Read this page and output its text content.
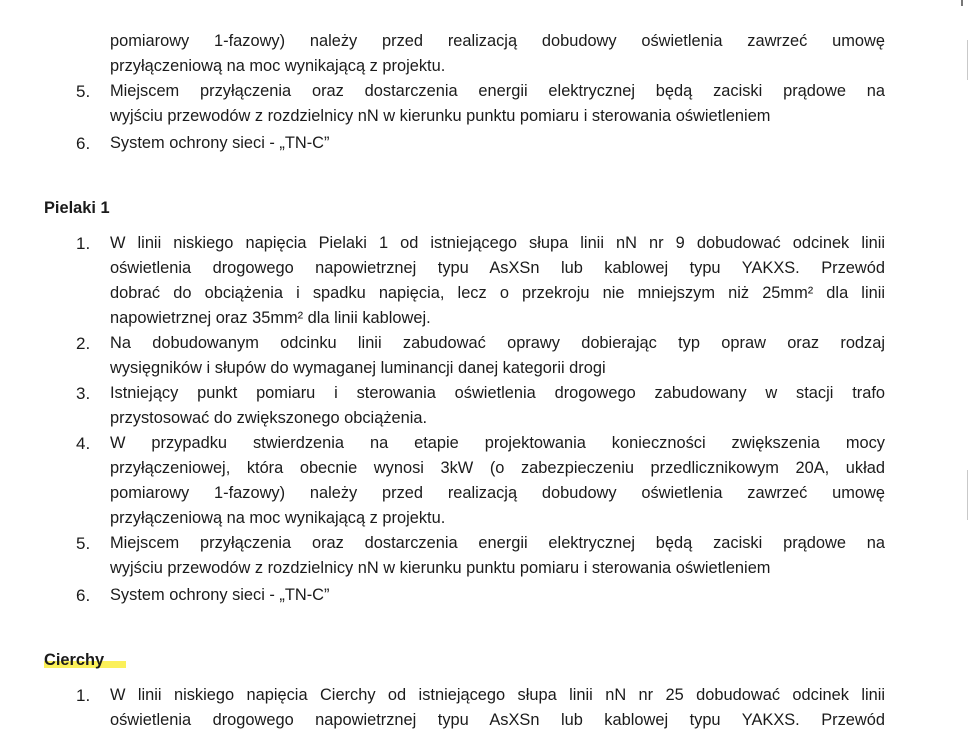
pomiarowy 1-fazowy) należy przed realizacją dobudowy oświetlenia zawrzeć umowę
przyłączeniową na moc wynikającą z projektu.
5.	Miejscem przyłączenia oraz dostarczenia energii elektrycznej będą zaciski prądowe na
wyjściu przewodów z rozdzielnicy nN w kierunku punktu pomiaru i sterowania oświetleniem
6.	System ochrony sieci - „TN-C”
Pielaki 1
1.	W linii niskiego napięcia Pielaki 1 od istniejącego słupa linii nN nr 9 dobudować odcinek linii
oświetlenia drogowego napowietrznej typu AsXSn lub kablowej typu YAKXS. Przewód
dobrać do obciążenia i spadku napięcia, lecz o przekroju nie mniejszym niż 25mm² dla linii
napowietrznej oraz 35mm² dla linii kablowej.
2.	Na dobudowanym odcinku linii zabudować oprawy dobierając typ opraw oraz rodzaj
wysięgników i słupów do wymaganej luminancji danej kategorii drogi
3.	Istniejący punkt pomiaru i sterowania oświetlenia drogowego zabudowany w stacji trafo
przystosować do zwiększonego obciążenia.
4.	W przypadku stwierdzenia na etapie projektowania konieczności zwiększenia mocy
przyłączeniowej, która obecnie wynosi 3kW (o zabezpieczeniu przedlicznikowym 20A, układ
pomiarowy 1-fazowy) należy przed realizacją dobudowy oświetlenia zawrzeć umowę
przyłączeniową na moc wynikającą z projektu.
5.	Miejscem przyłączenia oraz dostarczenia energii elektrycznej będą zaciski prądowe na
wyjściu przewodów z rozdzielnicy nN w kierunku punktu pomiaru i sterowania oświetleniem
6.	System ochrony sieci - „TN-C”
Cierchy
1.	W linii niskiego napięcia Cierchy od istniejącego słupa linii nN nr 25 dobudować odcinek linii
oświetlenia drogowego napowietrznej typu AsXSn lub kablowej typu YAKXS. Przewód
